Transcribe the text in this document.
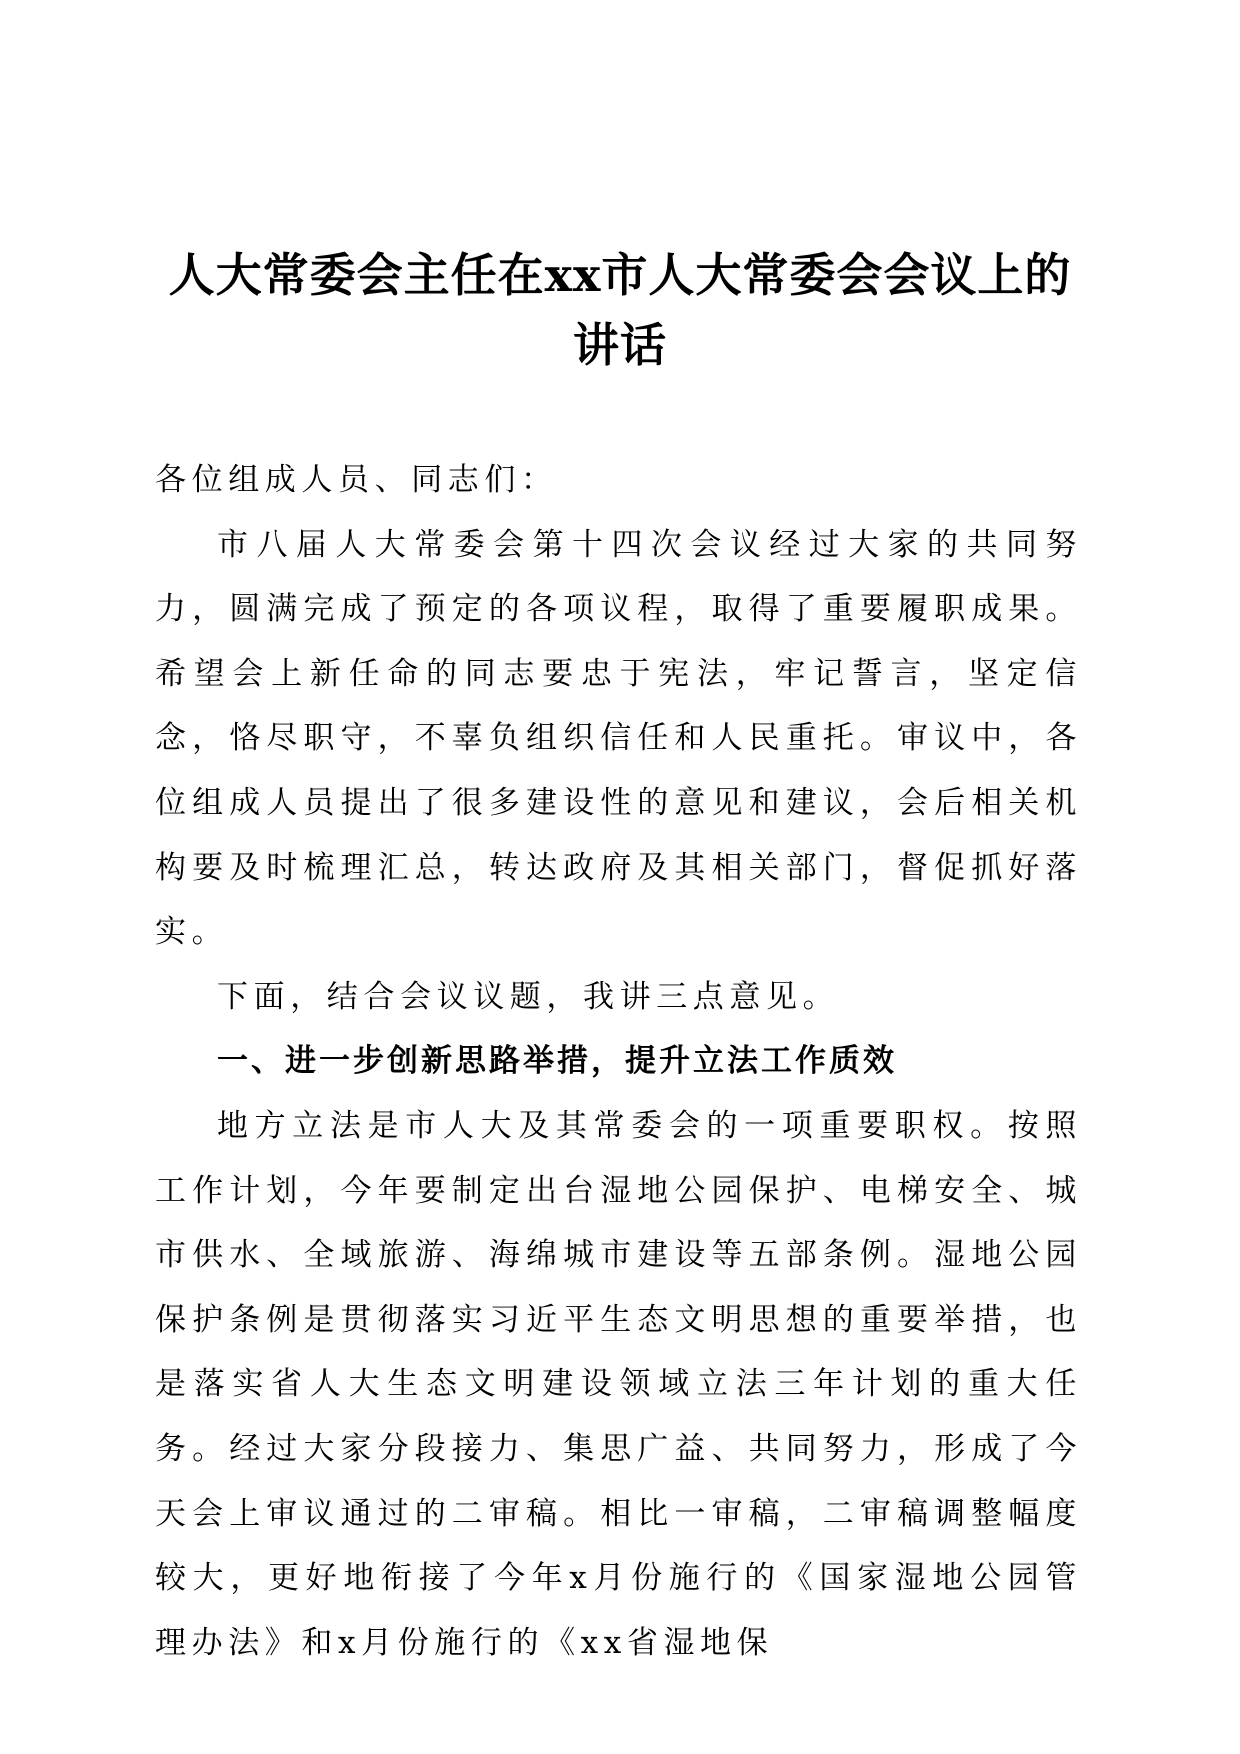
人大常委会主任在xx市人大常委会会议上的
讲话

各位组成人员、同志们：

市八届人大常委会第十四次会议经过大家的共同努力，圆满完成了预定的各项议程，取得了重要履职成果。希望会上新任命的同志要忠于宪法，牢记誓言，坚定信念，恪尽职守，不辜负组织信任和人民重托。审议中，各位组成人员提出了很多建设性的意见和建议，会后相关机构要及时梳理汇总，转达政府及其相关部门，督促抓好落实。

下面，结合会议议题，我讲三点意见。

一、进一步创新思路举措，提升立法工作质效

地方立法是市人大及其常委会的一项重要职权。按照工作计划，今年要制定出台湿地公园保护、电梯安全、城市供水、全域旅游、海绵城市建设等五部条例。湿地公园保护条例是贯彻落实习近平生态文明思想的重要举措，也是落实省人大生态文明建设领域立法三年计划的重大任务。经过大家分段接力、集思广益、共同努力，形成了今天会上审议通过的二审稿。相比一审稿，二审稿调整幅度较大，更好地衔接了今年x月份施行的《国家湿地公园管理办法》和x月份施行的《xx省湿地保
